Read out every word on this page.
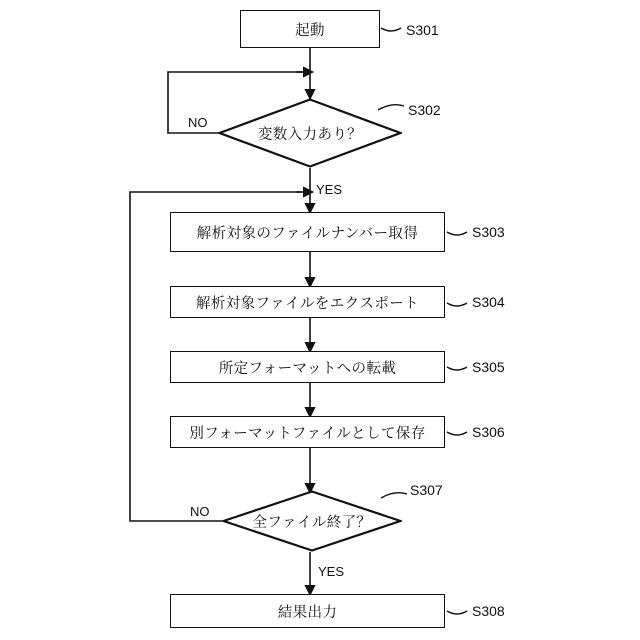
起動	S301
変数入力あり？
S302
NO
YES
解析対象のファイルナンバー取得	S303
解析対象ファイルをエクスポート	S304
所定フォーマットへの転載	S305
別フォーマットファイルとして保存	S306
全ファイル終了？
S307
NO
YES
結果出力	S308
